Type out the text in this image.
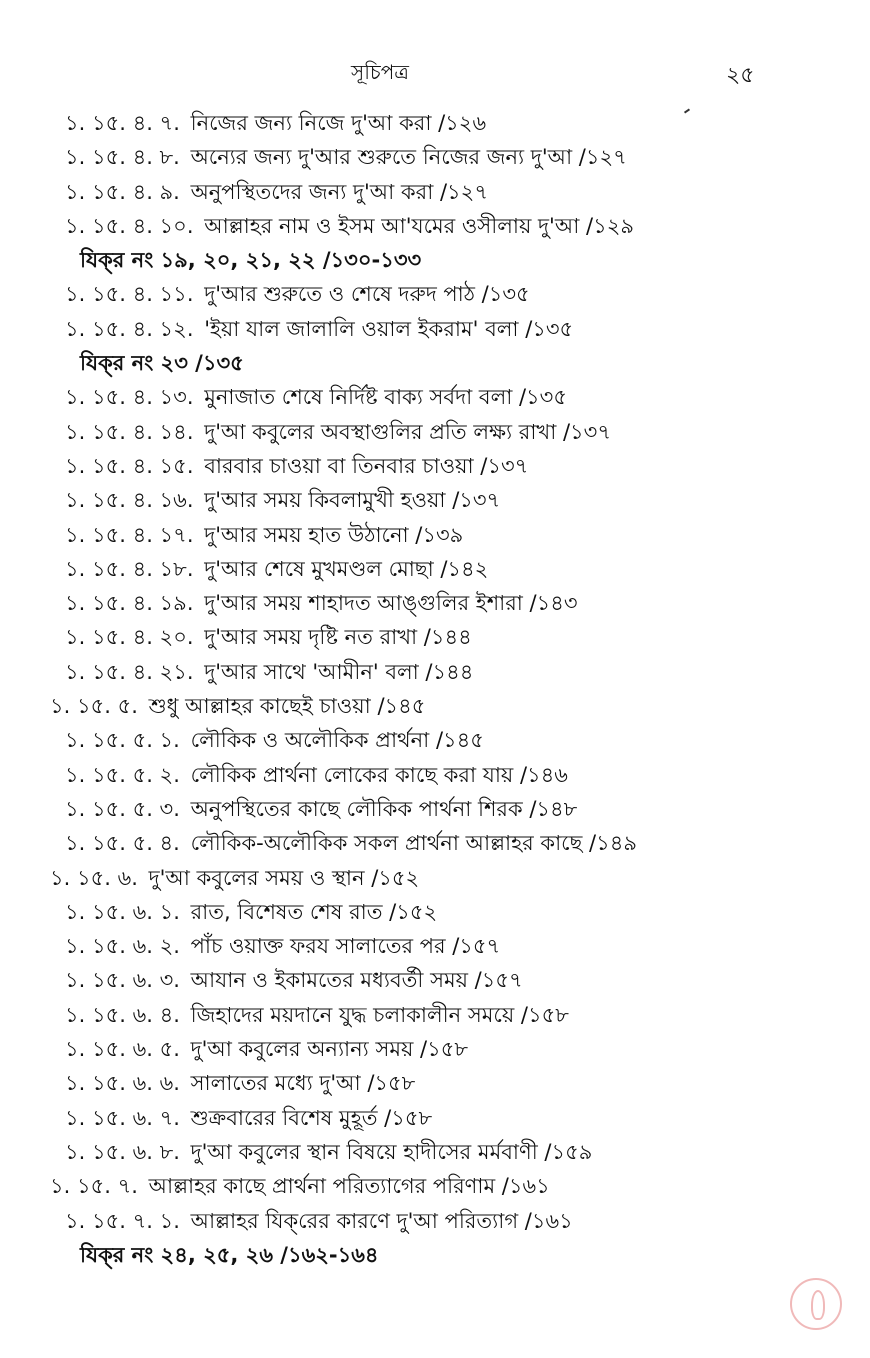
সূচিপত্র	২৫
১. ১৫. ৪. ৭. নিজের জন্য নিজে দু'আ করা /১২৬
১. ১৫. ৪. ৮. অন্যের জন্য দু'আর শুরুতে নিজের জন্য দু'আ /১২৭
১. ১৫. ৪. ৯. অনুপস্থিতদের জন্য দু'আ করা /১২৭
১. ১৫. ৪. ১০. আল্লাহর নাম ও ইসম আ'যমের ওসীলায় দু'আ /১২৯
যিক্‌র নং ১৯, ২০, ২১, ২২ /১৩০-১৩৩
১. ১৫. ৪. ১১. দু'আর শুরুতে ও শেষে দরুদ পাঠ /১৩৫
১. ১৫. ৪. ১২. 'ইয়া যাল জালালি ওয়াল ইকরাম' বলা /১৩৫
যিক্‌র নং ২৩ /১৩৫
১. ১৫. ৪. ১৩. মুনাজাত শেষে নির্দিষ্ট বাক্য সর্বদা বলা /১৩৫
১. ১৫. ৪. ১৪. দু'আ কবুলের অবস্থাগুলির প্রতি লক্ষ্য রাখা /১৩৭
১. ১৫. ৪. ১৫. বারবার চাওয়া বা তিনবার চাওয়া /১৩৭
১. ১৫. ৪. ১৬. দু'আর সময় কিবলামুখী হওয়া /১৩৭
১. ১৫. ৪. ১৭. দু'আর সময় হাত উঠানো /১৩৯
১. ১৫. ৪. ১৮. দু'আর শেষে মুখমণ্ডল মোছা /১৪২
১. ১৫. ৪. ১৯. দু'আর সময় শাহাদত আঙ্গুলির ইশারা /১৪৩
১. ১৫. ৪. ২০. দু'আর সময় দৃষ্টি নত রাখা /১৪৪
১. ১৫. ৪. ২১. দু'আর সাথে 'আমীন' বলা /১৪৪
১. ১৫. ৫. শুধু আল্লাহর কাছেই চাওয়া /১৪৫
১. ১৫. ৫. ১. লৌকিক ও অলৌকিক প্রার্থনা /১৪৫
১. ১৫. ৫. ২. লৌকিক প্রার্থনা লোকের কাছে করা যায় /১৪৬
১. ১৫. ৫. ৩. অনুপস্থিতের কাছে লৌকিক পার্থনা শিরক /১৪৮
১. ১৫. ৫. ৪. লৌকিক-অলৌকিক সকল প্রার্থনা আল্লাহর কাছে /১৪৯
১. ১৫. ৬. দু'আ কবুলের সময় ও স্থান /১৫২
১. ১৫. ৬. ১. রাত, বিশেষত শেষ রাত /১৫২
১. ১৫. ৬. ২. পাঁচ ওয়াক্ত ফরয সালাতের পর /১৫৭
১. ১৫. ৬. ৩. আযান ও ইকামতের মধ্যবর্তী সময় /১৫৭
১. ১৫. ৬. ৪. জিহাদের ময়দানে যুদ্ধ চলাকালীন সময়ে /১৫৮
১. ১৫. ৬. ৫. দু'আ কবুলের অন্যান্য সময় /১৫৮
১. ১৫. ৬. ৬. সালাতের মধ্যে দু'আ /১৫৮
১. ১৫. ৬. ৭. শুক্রবারের বিশেষ মুহূর্ত /১৫৮
১. ১৫. ৬. ৮. দু'আ কবুলের স্থান বিষয়ে হাদীসের মর্মবাণী /১৫৯
১. ১৫. ৭. আল্লাহর কাছে প্রার্থনা পরিত্যাগের পরিণাম /১৬১
১. ১৫. ৭. ১. আল্লাহর যিক্‌রের কারণে দু'আ পরিত্যাগ /১৬১
যিক্‌র নং ২৪, ২৫, ২৬ /১৬২-১৬৪
